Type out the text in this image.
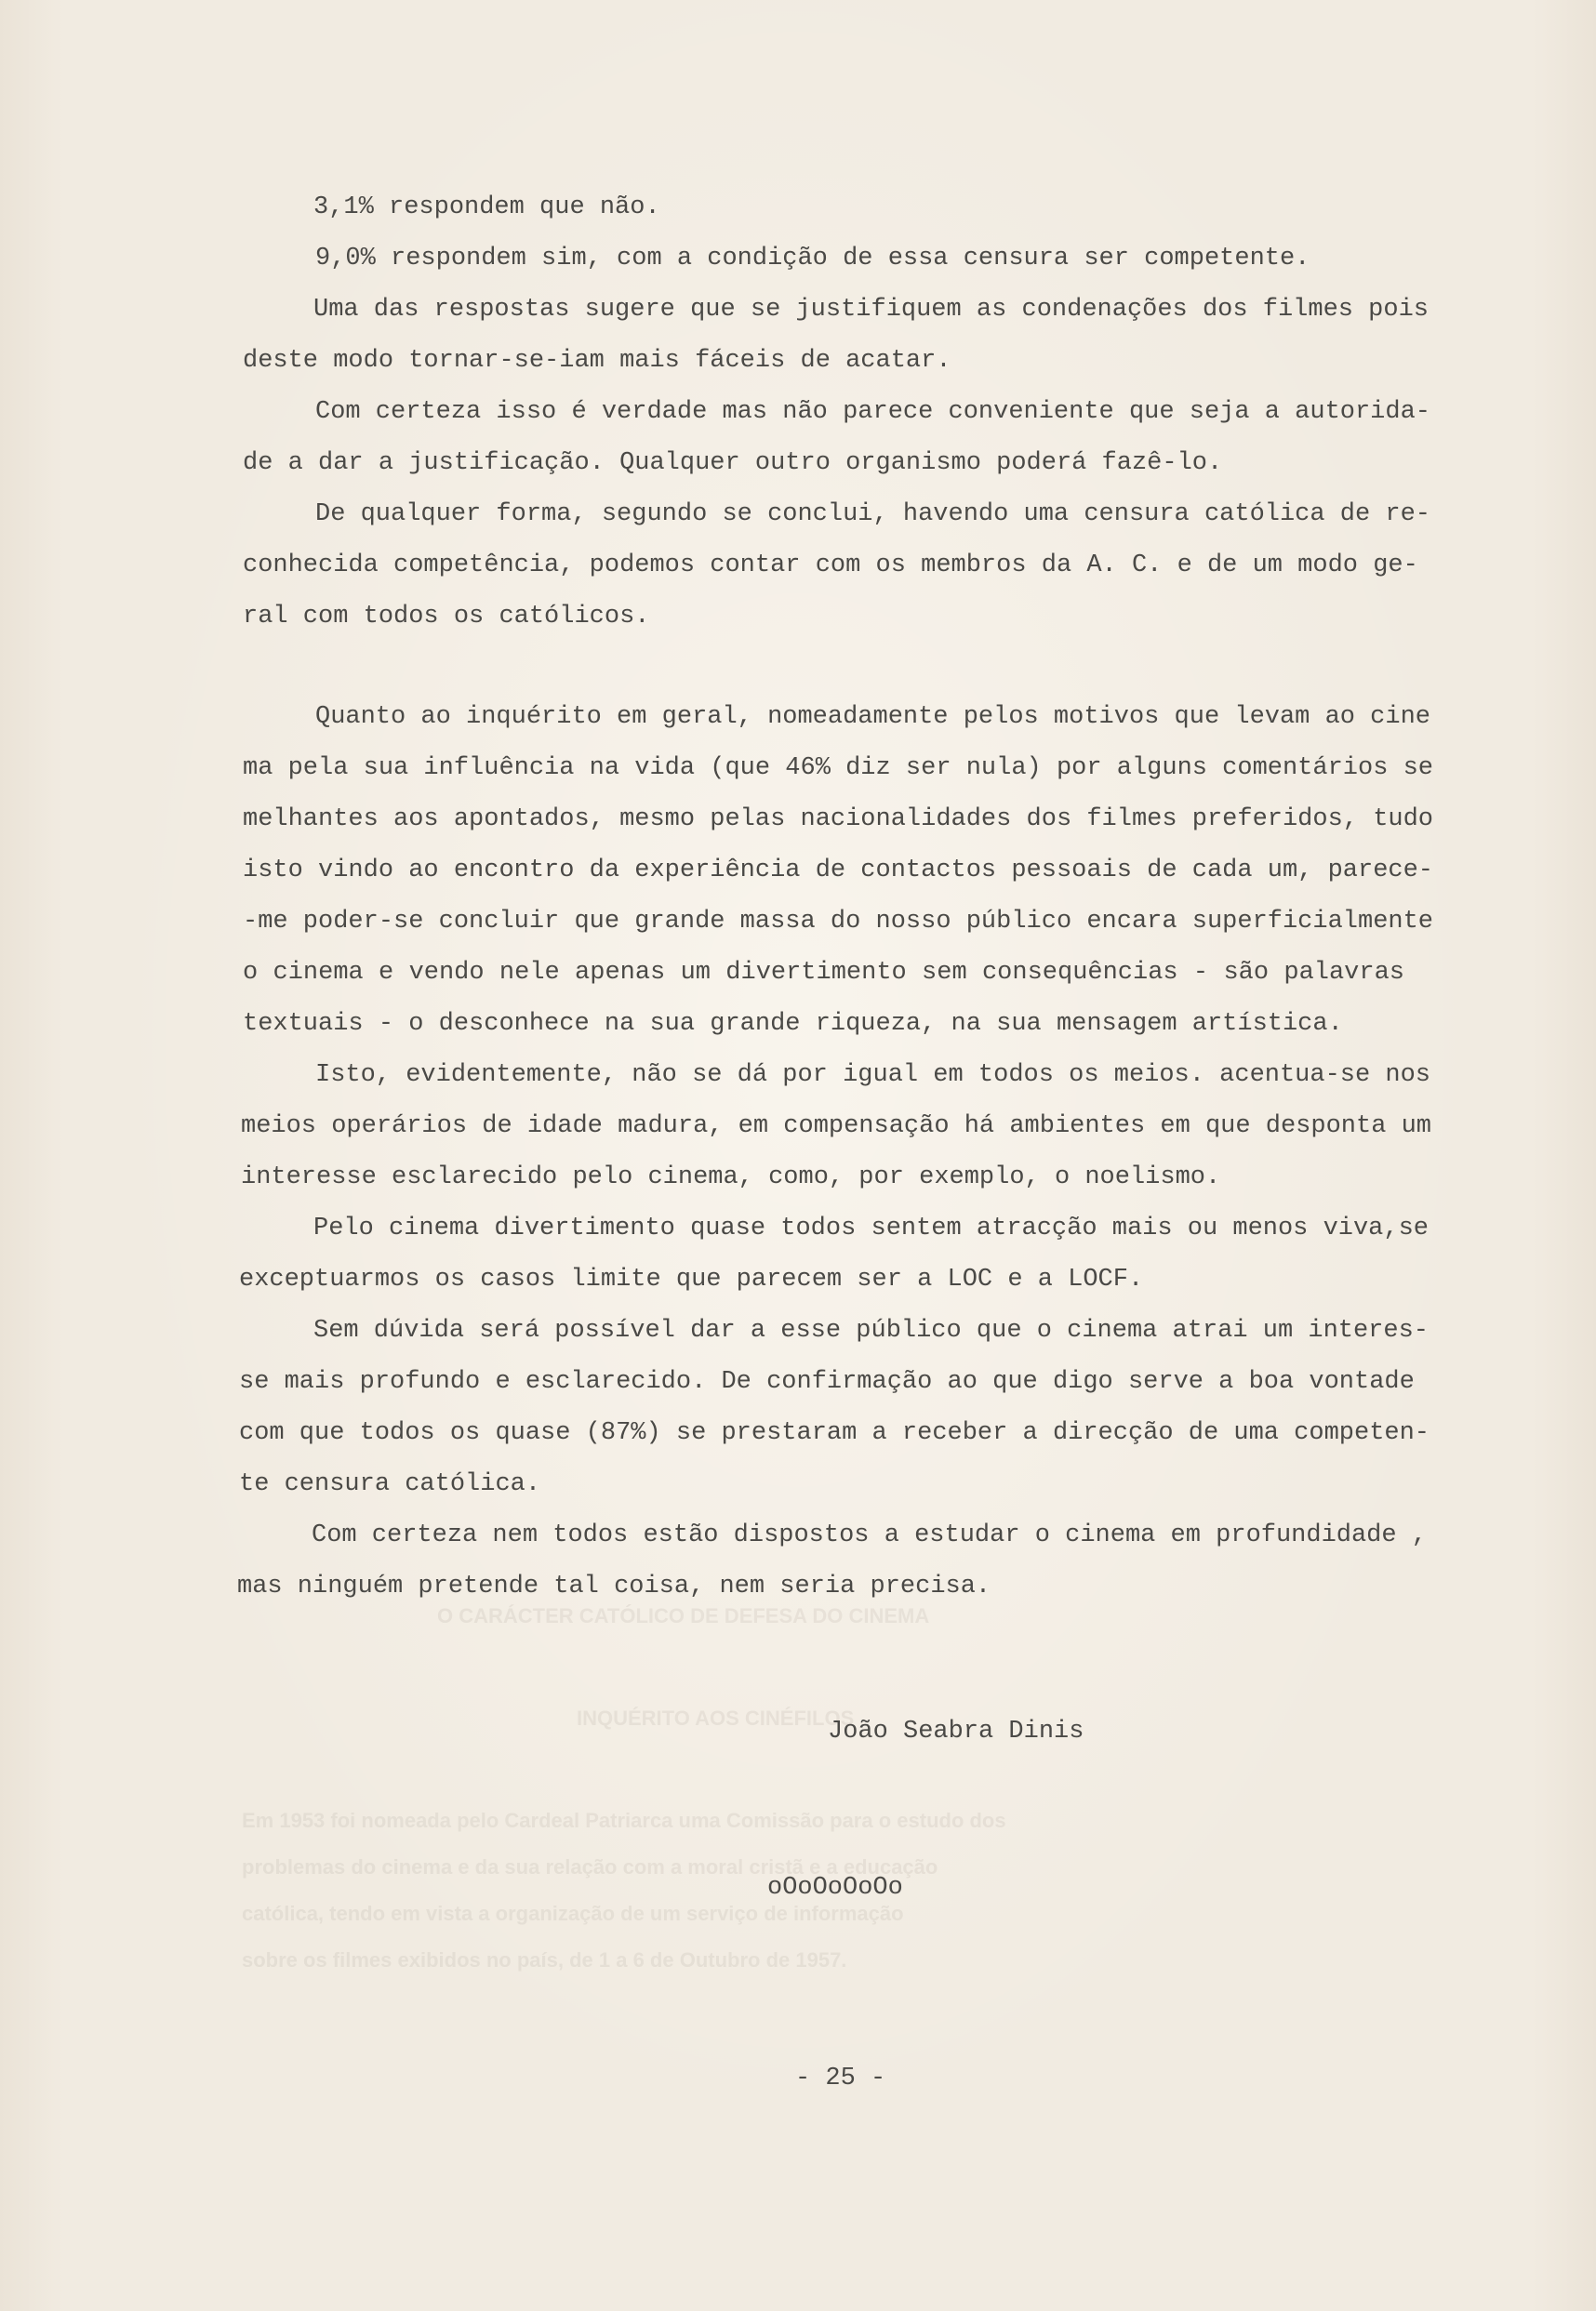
O CARÁCTER CATÓLICO DE DEFESA DO CINEMA
INQUÉRITO AOS CINÉFILOS
Em 1953 foi nomeada pelo Cardeal Patriarca uma Comissão para o estudo dos
problemas do cinema e da sua relação com a moral cristã e a educação
católica, tendo em vista a organização de um serviço de informação
sobre os filmes exibidos no país, de 1 a 6 de Outubro de 1957.

3,1% respondem que não.

9,0% respondem sim, com a condição de essa censura ser competente.

Uma das respostas sugere que se justifiquem as condenações dos filmes pois

deste modo tornar-se-iam mais fáceis de acatar.

Com certeza isso é verdade mas não parece conveniente que seja a autorida-

de a dar a justificação. Qualquer outro organismo poderá fazê-lo.

De qualquer forma, segundo se conclui, havendo uma censura católica de re-

conhecida competência, podemos contar com os membros da A. C. e de um modo ge-

ral com todos os católicos.

Quanto ao inquérito em geral, nomeadamente pelos motivos que levam ao cine

ma pela sua influência na vida (que 46% diz ser nula) por alguns comentários se

melhantes aos apontados, mesmo pelas nacionalidades dos filmes preferidos, tudo

isto vindo ao encontro da experiência de contactos pessoais de cada um, parece-

-me poder-se concluir que grande massa do nosso público encara superficialmente

o cinema e vendo nele apenas um divertimento sem consequências - são palavras

textuais - o desconhece na sua grande riqueza, na sua mensagem artística.

Isto, evidentemente, não se dá por igual em todos os meios. acentua-se nos

meios operários de idade madura, em compensação há ambientes em que desponta um

interesse esclarecido pelo cinema, como, por exemplo, o noelismo.

Pelo cinema divertimento quase todos sentem atracção mais ou menos viva,se

exceptuarmos os casos limite que parecem ser a LOC e a LOCF.

Sem dúvida será possível dar a esse público que o cinema atrai um interes-

se mais profundo e esclarecido. De confirmação ao que digo serve a boa vontade

com que todos os quase (87%) se prestaram a receber a direcção de uma competen-

te censura católica.

Com certeza nem todos estão dispostos a estudar o cinema em profundidade ,

mas ninguém pretende tal coisa, nem seria precisa.

João Seabra Dinis

oOoOoOoOo

- 25 -
